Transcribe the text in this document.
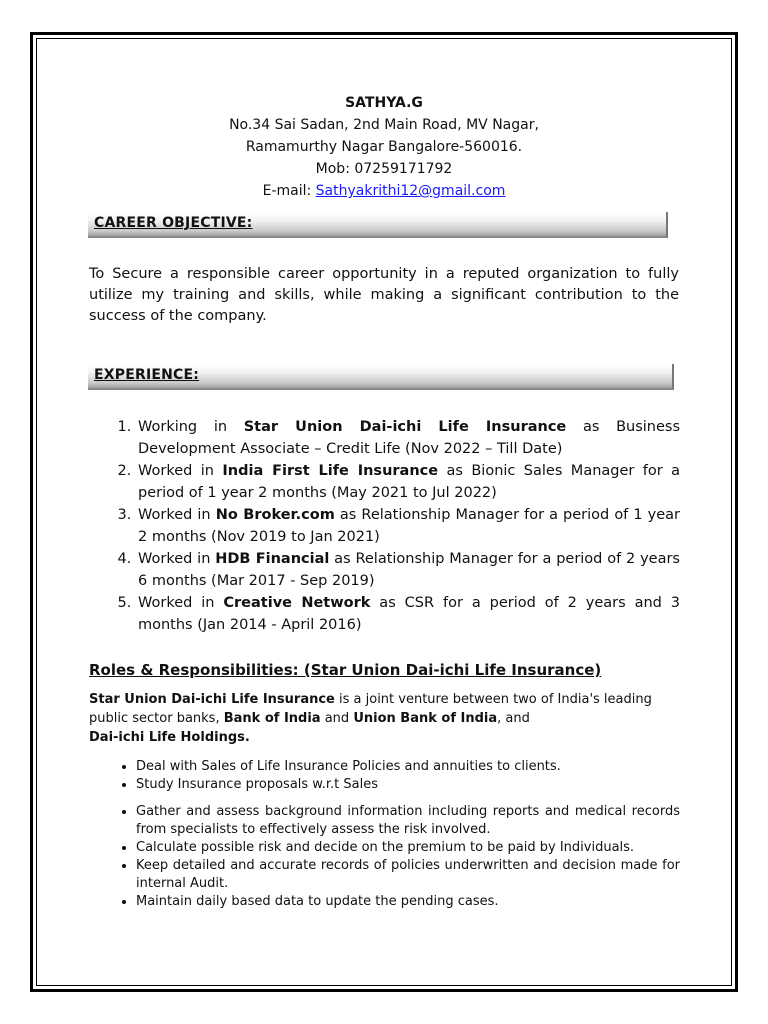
SATHYA.G
No.34 Sai Sadan, 2nd Main Road, MV Nagar,
Ramamurthy Nagar Bangalore-560016.
Mob: 07259171792
E-mail: Sathyakrithi12@gmail.com
CAREER OBJECTIVE:
To Secure a responsible career opportunity in a reputed organization to fully utilize my training and skills, while making a significant contribution to the success of the company.
EXPERIENCE:
1. Working in Star Union Dai-ichi Life Insurance as Business Development Associate – Credit Life (Nov 2022 – Till Date)
2. Worked in India First Life Insurance as Bionic Sales Manager for a period of 1 year 2 months (May 2021 to Jul 2022)
3. Worked in No Broker.com as Relationship Manager for a period of 1 year 2 months (Nov 2019 to Jan 2021)
4. Worked in HDB Financial as Relationship Manager for a period of 2 years 6 months (Mar 2017 - Sep 2019)
5. Worked in Creative Network as CSR for a period of 2 years and 3 months (Jan 2014 - April 2016)
Roles & Responsibilities: (Star Union Dai-ichi Life Insurance)
Star Union Dai-ichi Life Insurance is a joint venture between two of India's leading public sector banks, Bank of India and Union Bank of India, and
Dai-ichi Life Holdings.
• Deal with Sales of Life Insurance Policies and annuities to clients.
• Study Insurance proposals w.r.t Sales
• Gather and assess background information including reports and medical records from specialists to effectively assess the risk involved.
• Calculate possible risk and decide on the premium to be paid by Individuals.
• Keep detailed and accurate records of policies underwritten and decision made for internal Audit.
• Maintain daily based data to update the pending cases.
